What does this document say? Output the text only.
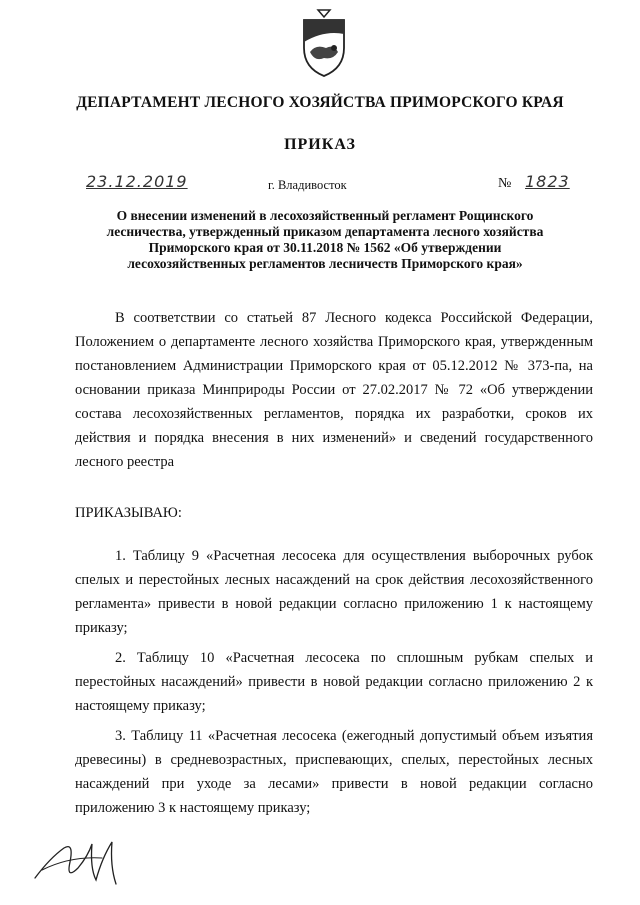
ДЕПАРТАМЕНТ ЛЕСНОГО ХОЗЯЙСТВА ПРИМОРСКОГО КРАЯ
ПРИКАЗ
23.12.2019	г. Владивосток	№ 1823
О внесении изменений в лесохозяйственный регламент Рощинского лесничества, утвержденный приказом департамента лесного хозяйства Приморского края от 30.11.2018 № 1562 «Об утверждении лесохозяйственных регламентов лесничеств Приморского края»

В соответствии со статьей 87 Лесного кодекса Российской Федерации, Положением о департаменте лесного хозяйства Приморского края, утвержденным постановлением Администрации Приморского края от 05.12.2012 № 373-па, на основании приказа Минприроды России от 27.02.2017 № 72 «Об утверждении состава лесохозяйственных регламентов, порядка их разработки, сроков их действия и порядка внесения в них изменений» и сведений государственного лесного реестра

ПРИКАЗЫВАЮ:

1. Таблицу 9 «Расчетная лесосека для осуществления выборочных рубок спелых и перестойных лесных насаждений на срок действия лесохозяйственного регламента» привести в новой редакции согласно приложению 1 к настоящему приказу;

2. Таблицу 10 «Расчетная лесосека по сплошным рубкам спелых и перестойных насаждений» привести в новой редакции согласно приложению 2 к настоящему приказу;

3. Таблицу 11 «Расчетная лесосека (ежегодный допустимый объем изъятия древесины) в средневозрастных, приспевающих, спелых, перестойных лесных насаждений при уходе за лесами» привести в новой редакции согласно приложению 3 к настоящему приказу;
